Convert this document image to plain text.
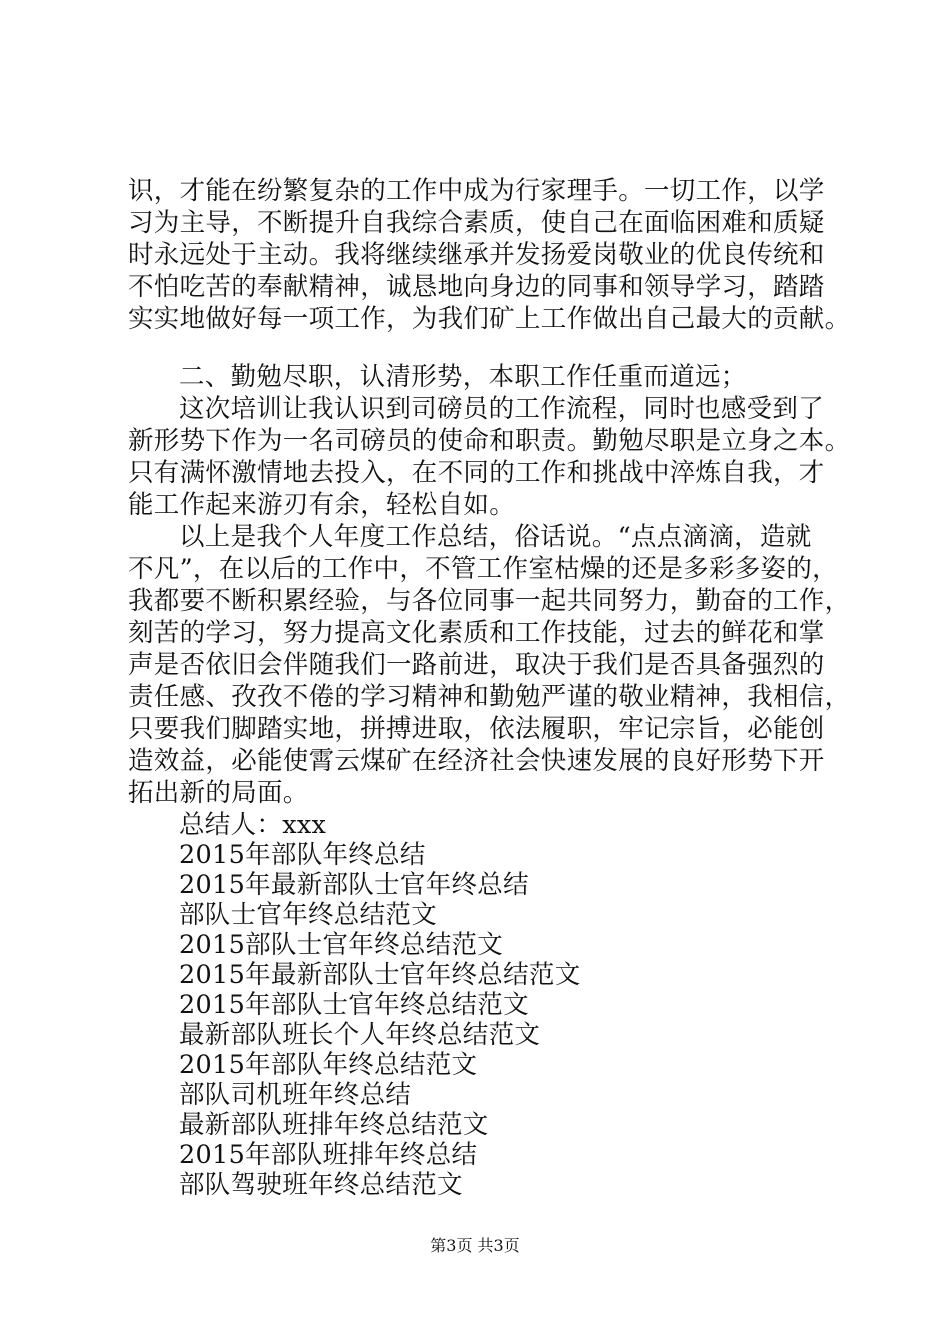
识，才能在纷繁复杂的工作中成为行家理手。一切工作，以学
习为主导，不断提升自我综合素质，使自己在面临困难和质疑
时永远处于主动。我将继续继承并发扬爱岗敬业的优良传统和
不怕吃苦的奉献精神，诚恳地向身边的同事和领导学习，踏踏
实实地做好每一项工作，为我们矿上工作做出自己最大的贡献。
二、勤勉尽职，认清形势，本职工作任重而道远；
这次培训让我认识到司磅员的工作流程，同时也感受到了
新形势下作为一名司磅员的使命和职责。勤勉尽职是立身之本。
只有满怀激情地去投入，在不同的工作和挑战中淬炼自我，才
能工作起来游刃有余，轻松自如。
以上是我个人年度工作总结，俗话说。“点点滴滴，造就
不凡”，在以后的工作中，不管工作室枯燥的还是多彩多姿的，
我都要不断积累经验，与各位同事一起共同努力，勤奋的工作，
刻苦的学习，努力提高文化素质和工作技能，过去的鲜花和掌
声是否依旧会伴随我们一路前进，取决于我们是否具备强烈的
责任感、孜孜不倦的学习精神和勤勉严谨的敬业精神，我相信，
只要我们脚踏实地，拼搏进取，依法履职，牢记宗旨，必能创
造效益，必能使霄云煤矿在经济社会快速发展的良好形势下开
拓出新的局面。
总结人：xxx
2015年部队年终总结
2015年最新部队士官年终总结
部队士官年终总结范文
2015部队士官年终总结范文
2015年最新部队士官年终总结范文
2015年部队士官年终总结范文
最新部队班长个人年终总结范文
2015年部队年终总结范文
部队司机班年终总结
最新部队班排年终总结范文
2015年部队班排年终总结
部队驾驶班年终总结范文
第3页 共3页
